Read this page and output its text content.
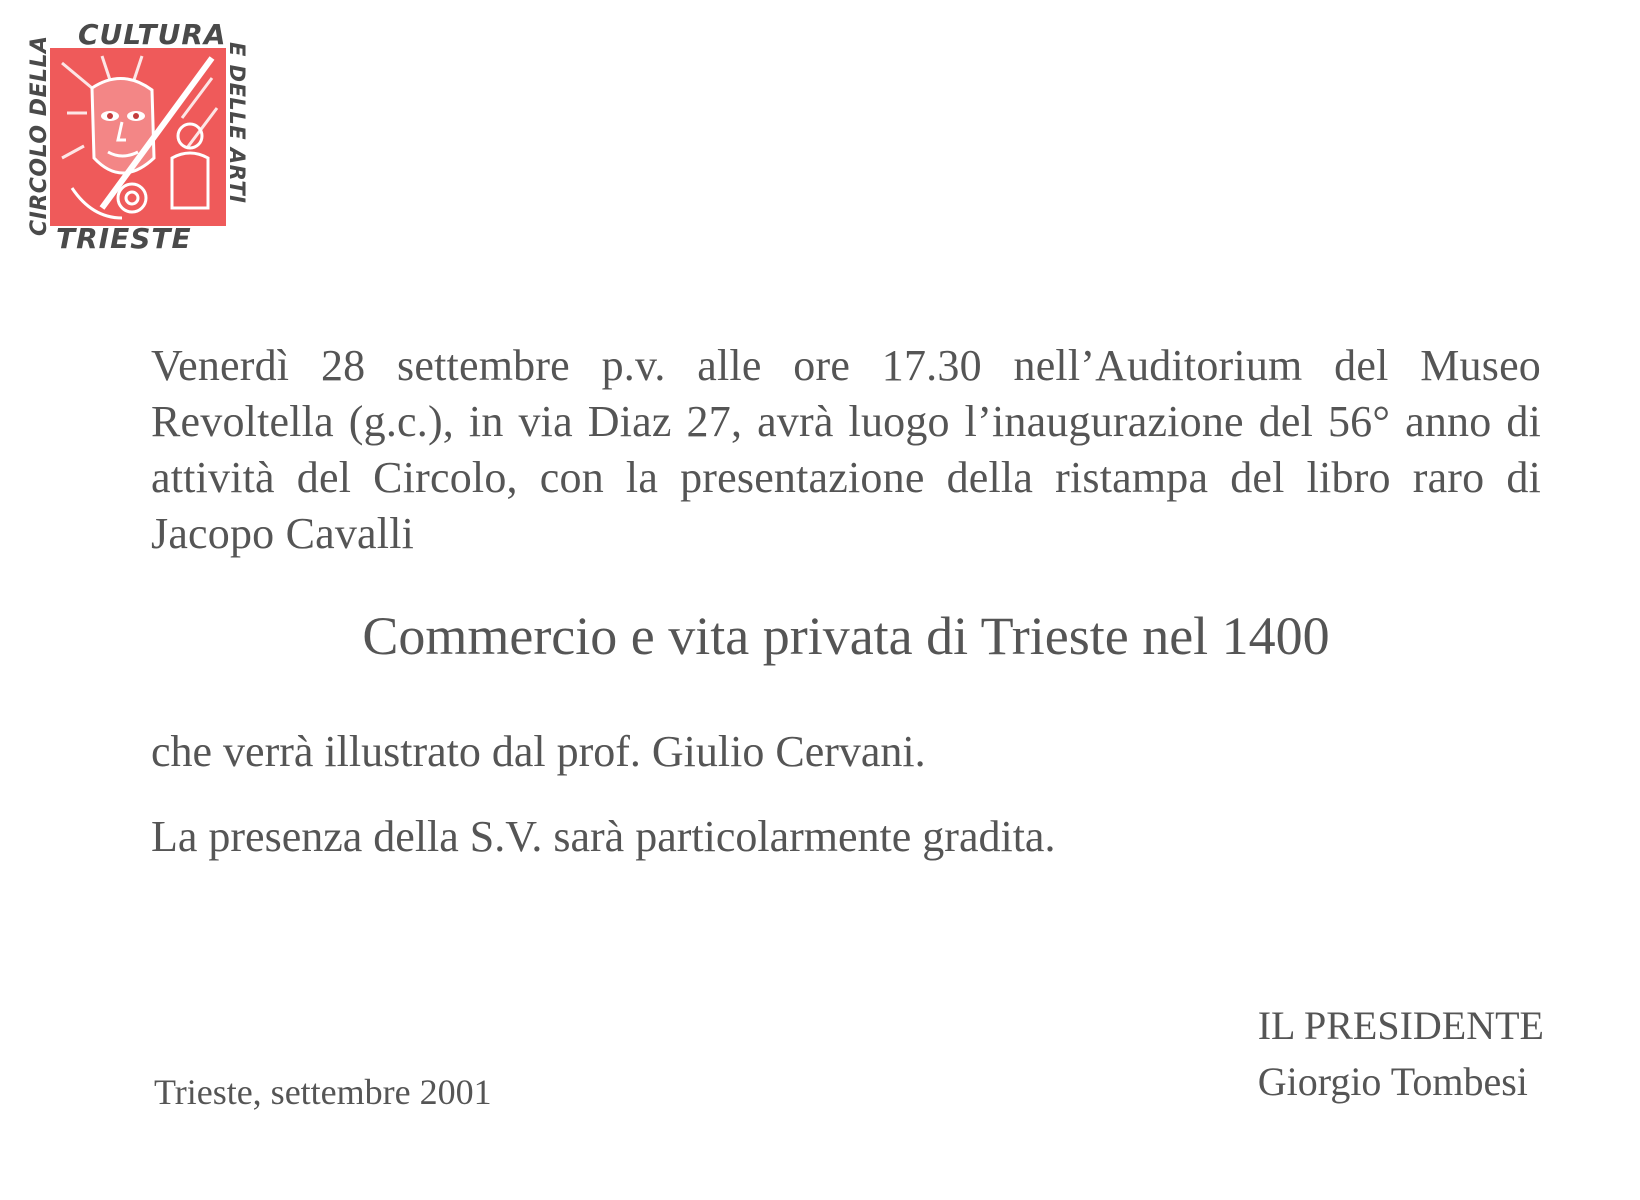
CULTURA
CIRCOLO DELLA	E DELLE ARTI
TRIESTE
Venerdì 28 settembre p.v. alle ore 17.30 nell’Auditorium del Museo Revoltella (g.c.), in via Diaz 27, avrà luogo l’inaugurazione del 56° anno di attività del Circolo, con la presentazione della ristampa del libro raro di Jacopo Cavalli
Commercio e vita privata di Trieste nel 1400
che verrà illustrato dal prof. Giulio Cervani.
La presenza della S.V. sarà particolarmente gradita.
IL PRESIDENTE
Giorgio Tombesi
Trieste, settembre 2001
